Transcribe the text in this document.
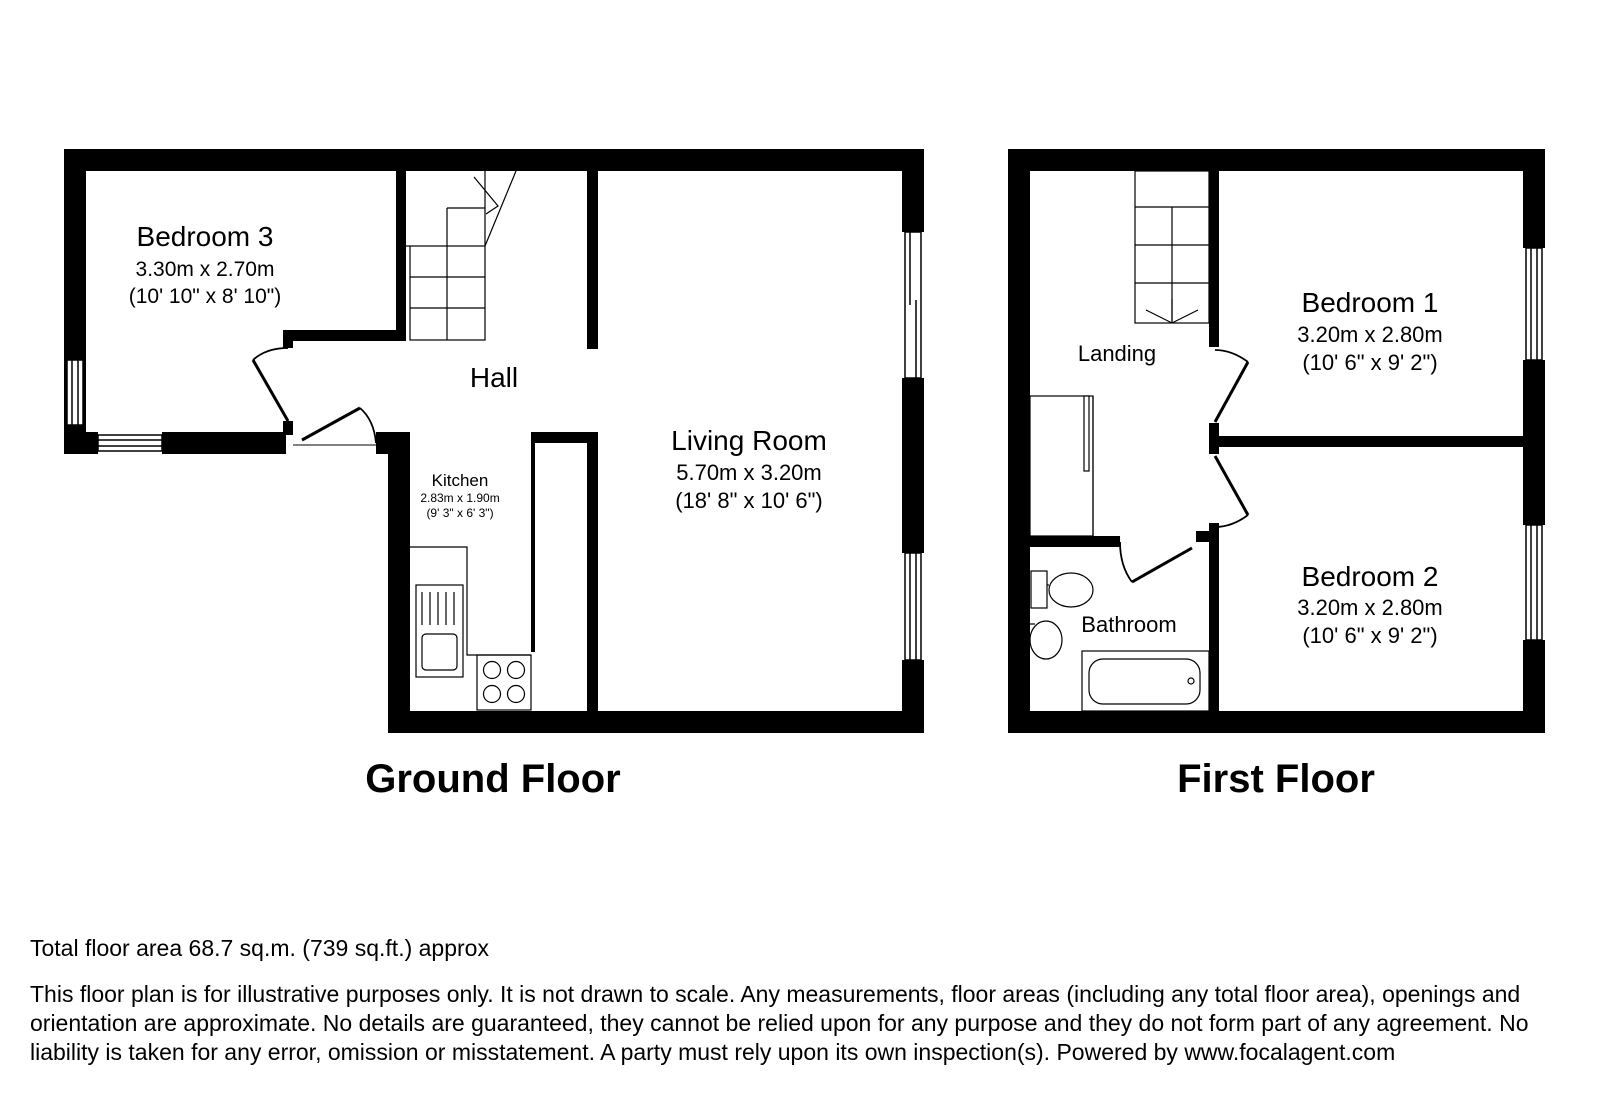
Bedroom 3
3.30m x 2.70m
(10' 10" x 8' 10")
Hall
Living Room
5.70m x 3.20m
(18' 8" x 10' 6")
Kitchen
2.83m x 1.90m
(9' 3" x 6' 3")
Ground Floor
Landing
Bedroom 1
3.20m x 2.80m
(10' 6" x 9' 2")
Bedroom 2
3.20m x 2.80m
(10' 6" x 9' 2")
Bathroom
First Floor

Total floor area 68.7 sq.m. (739 sq.ft.) approx

This floor plan is for illustrative purposes only. It is not drawn to scale. Any measurements, floor areas (including any total floor area), openings and orientation are approximate. No details are guaranteed, they cannot be relied upon for any purpose and they do not form part of any agreement. No liability is taken for any error, omission or misstatement. A party must rely upon its own inspection(s). Powered by www.focalagent.com
